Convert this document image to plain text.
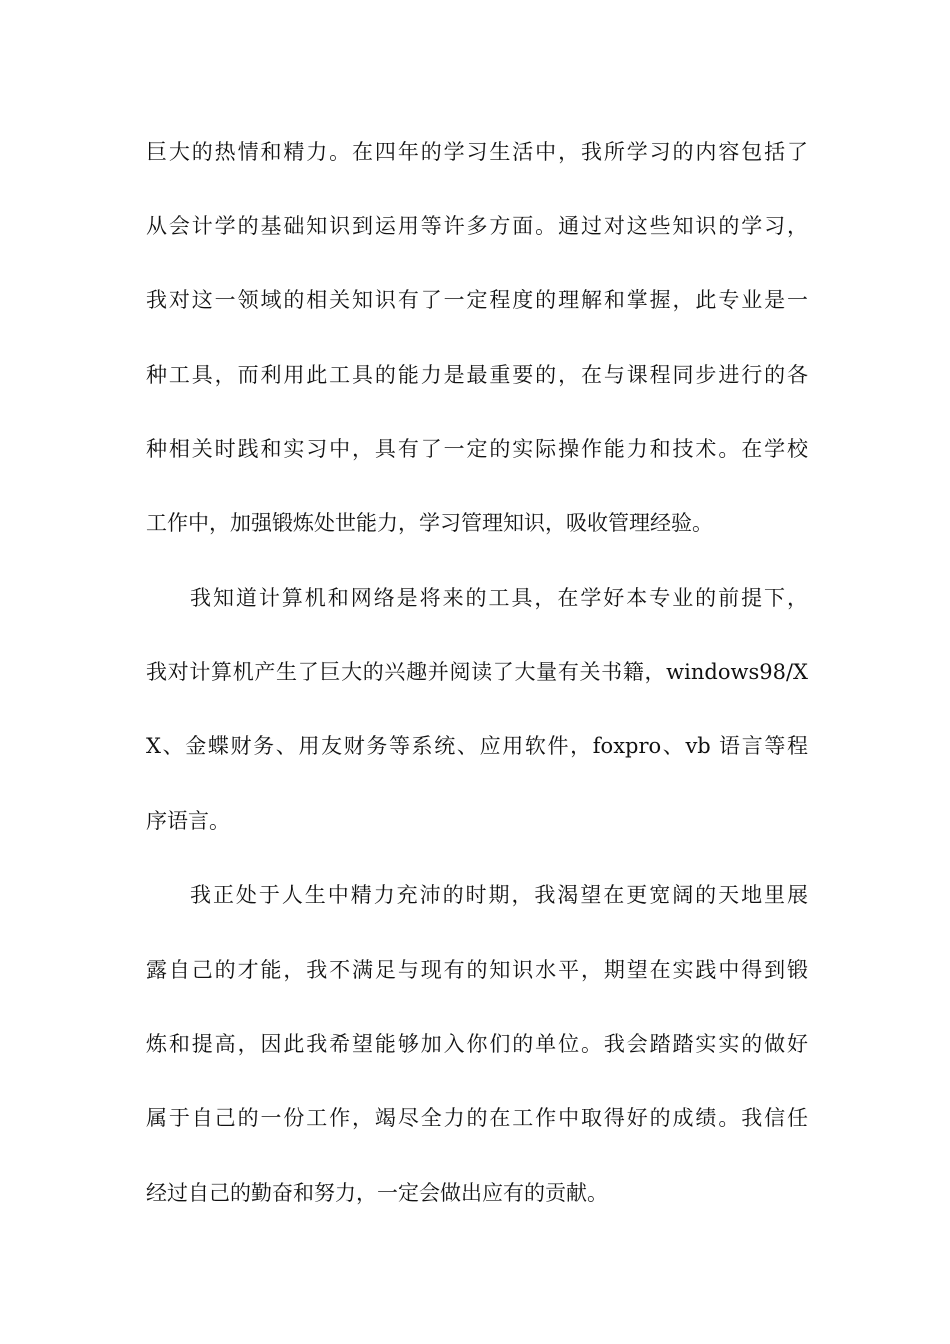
巨大的热情和精力。在四年的学习生活中，我所学习的内容包括了
从会计学的基础知识到运用等许多方面。通过对这些知识的学习，
我对这一领域的相关知识有了一定程度的理解和掌握，此专业是一
种工具，而利用此工具的能力是最重要的，在与课程同步进行的各
种相关时践和实习中，具有了一定的实际操作能力和技术。在学校
工作中，加强锻炼处世能力，学习管理知识，吸收管理经验。
我知道计算机和网络是将来的工具，在学好本专业的前提下，
我对计算机产生了巨大的兴趣并阅读了大量有关书籍，windows98/X
X、金蝶财务、用友财务等系统、应用软件，foxpro、vb 语言等程
序语言。
我正处于人生中精力充沛的时期，我渴望在更宽阔的天地里展
露自己的才能，我不满足与现有的知识水平，期望在实践中得到锻
炼和提高，因此我希望能够加入你们的单位。我会踏踏实实的做好
属于自己的一份工作，竭尽全力的在工作中取得好的成绩。我信任
经过自己的勤奋和努力，一定会做出应有的贡献。
